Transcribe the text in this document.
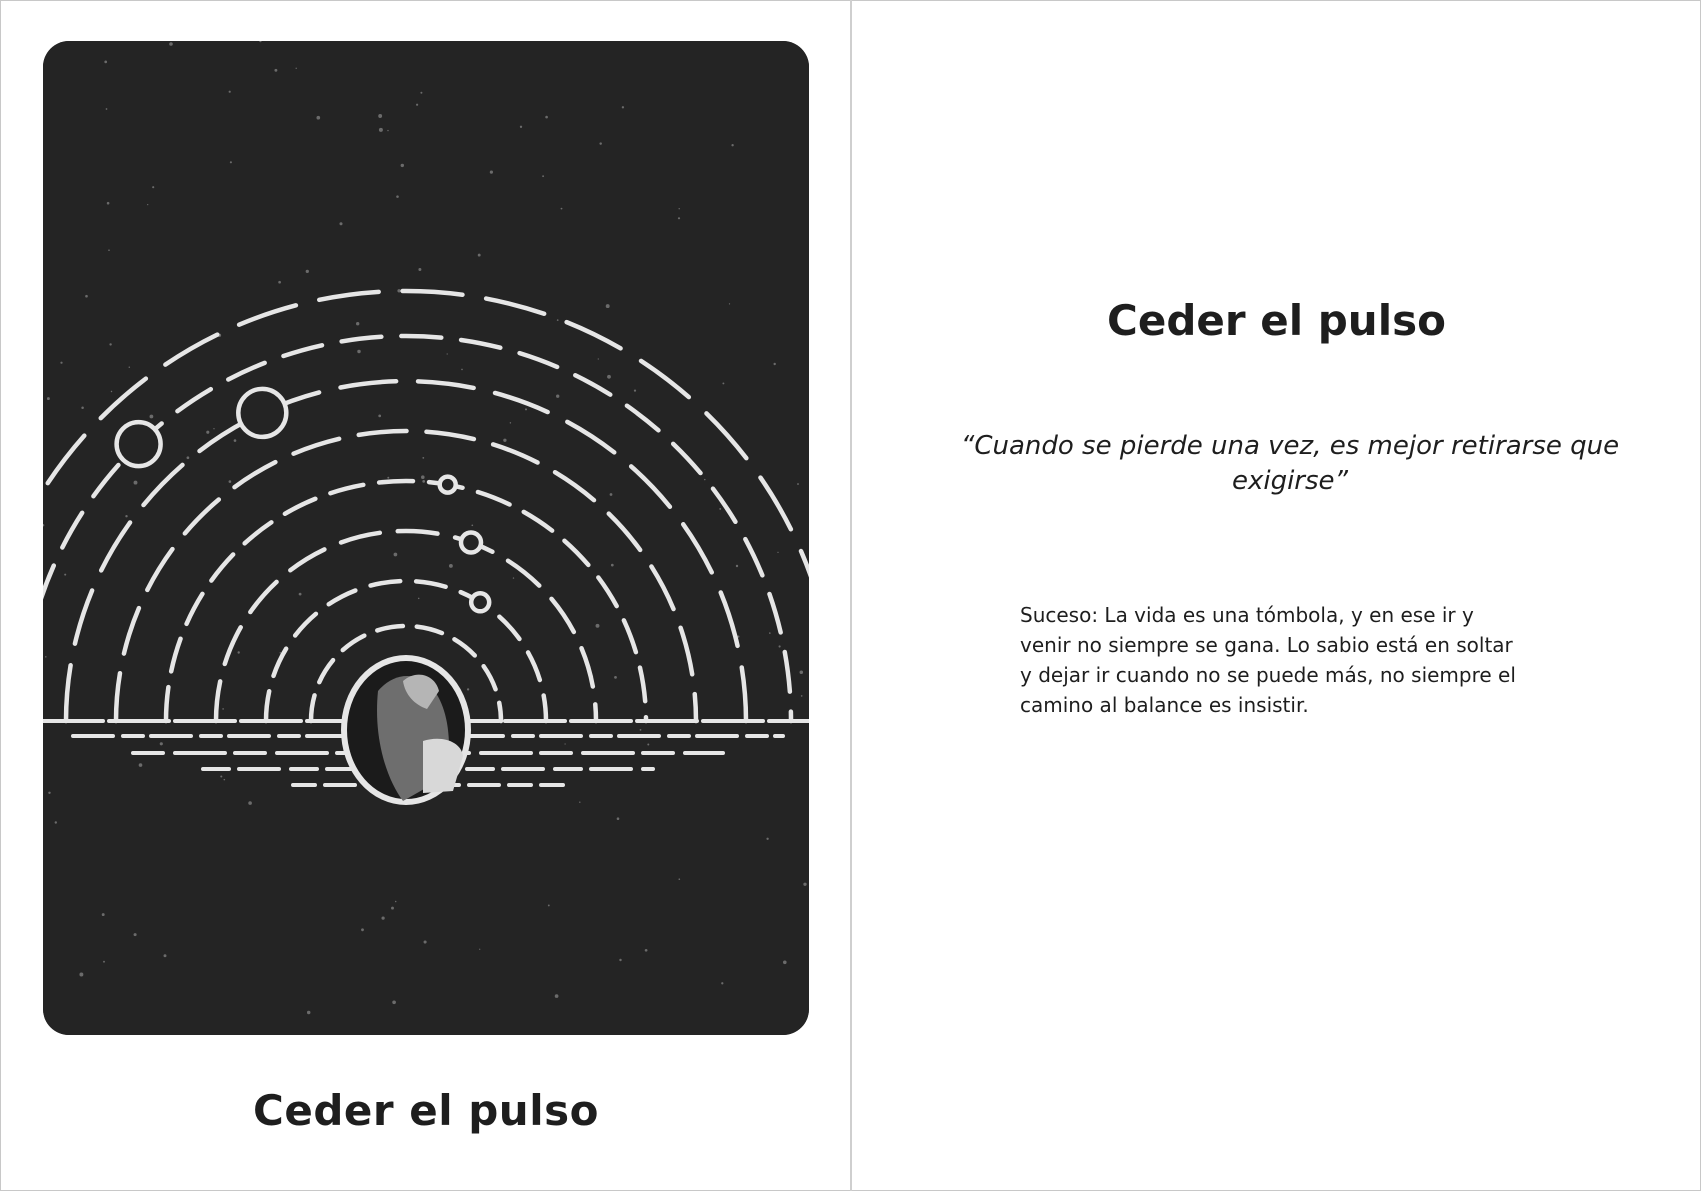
Ceder el pulso
Ceder el pulso
“Cuando se pierde una vez, es mejor retirarse que exigirse”
Suceso: La vida es una tómbola, y en ese ir y venir no siempre se gana. Lo sabio está en soltar y dejar ir cuando no se puede más, no siempre el camino al balance es insistir.
